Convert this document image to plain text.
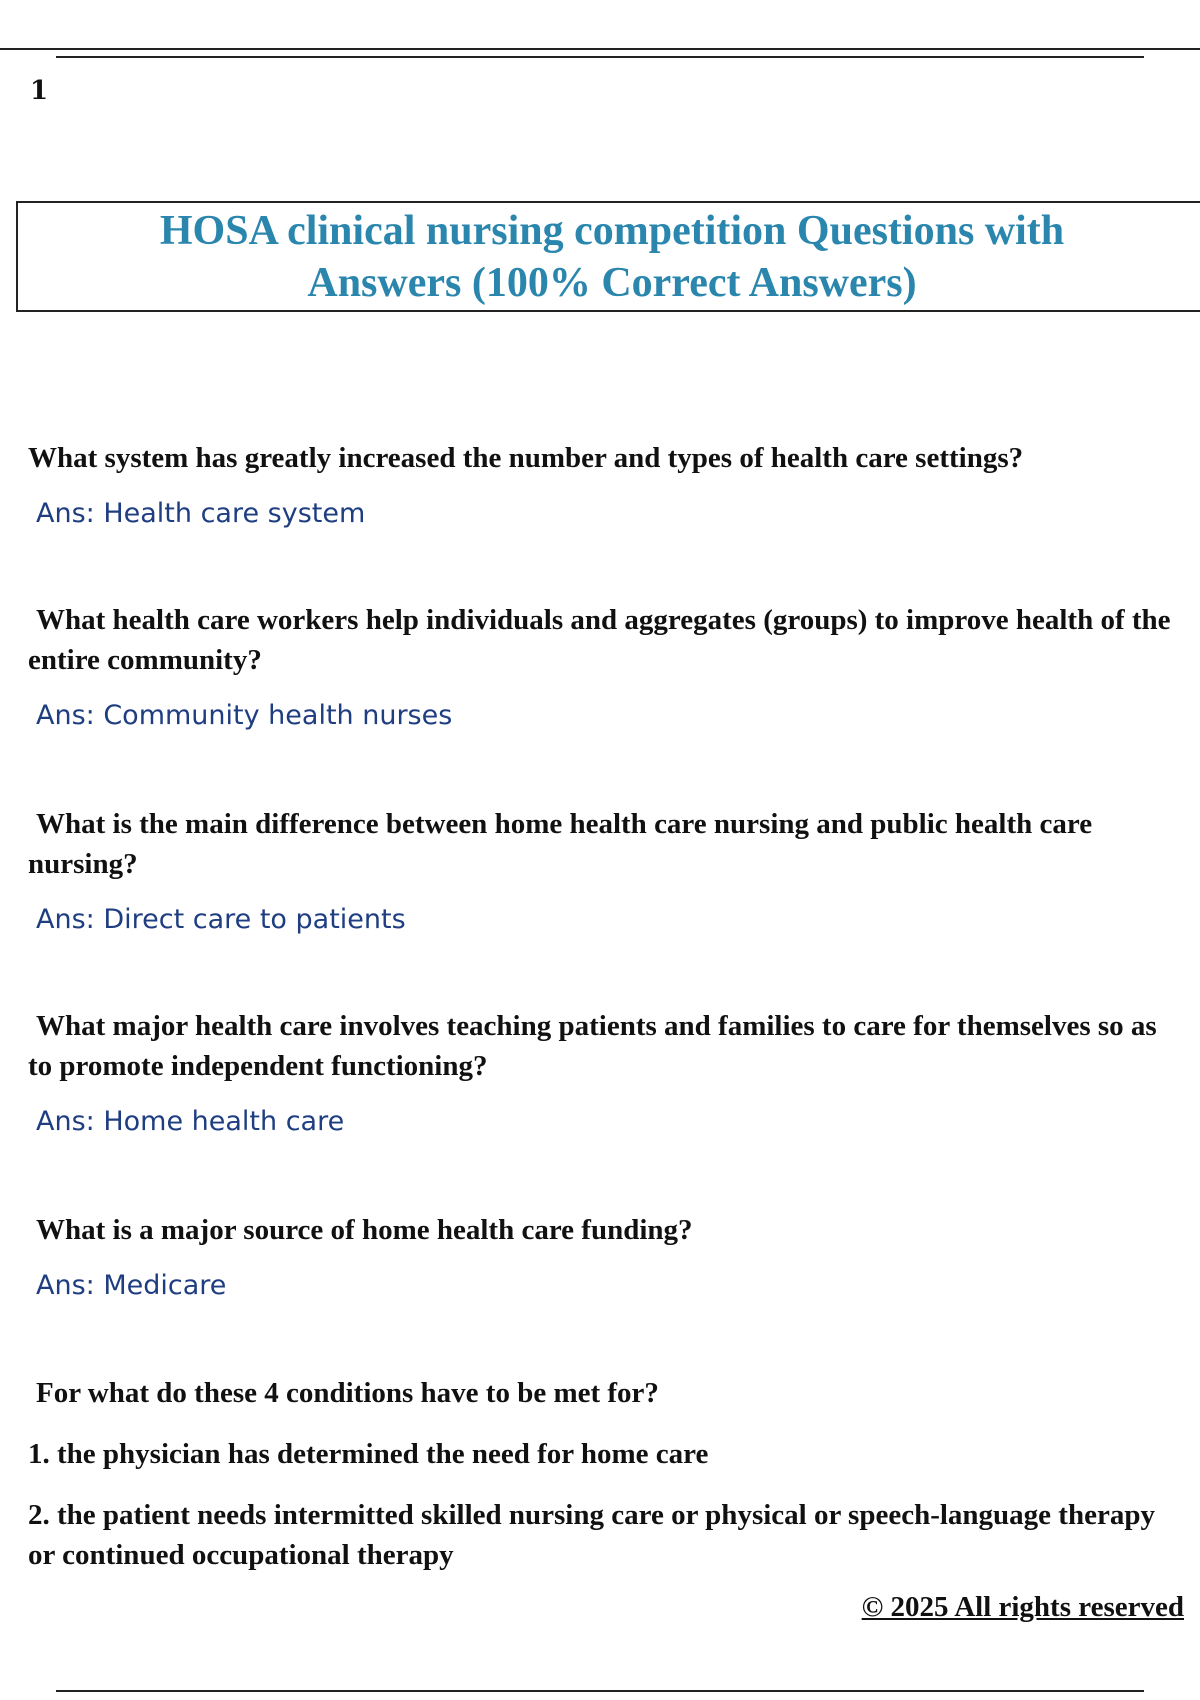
1
HOSA clinical nursing competition Questions with
Answers (100% Correct Answers)

What system has greatly increased the number and types of health care settings?

Ans: Health care system

What health care workers help individuals and aggregates (groups) to improve health of the entire community?

Ans: Community health nurses

What is the main difference between home health care nursing and public health care nursing?

Ans: Direct care to patients

What major health care involves teaching patients and families to care for themselves so as to promote independent functioning?

Ans: Home health care

What is a major source of home health care funding?

Ans: Medicare

For what do these 4 conditions have to be met for?

1. the physician has determined the need for home care
2. the patient needs intermitted skilled nursing care or physical or speech-language therapy or continued occupational therapy
© 2025 All rights reserved
